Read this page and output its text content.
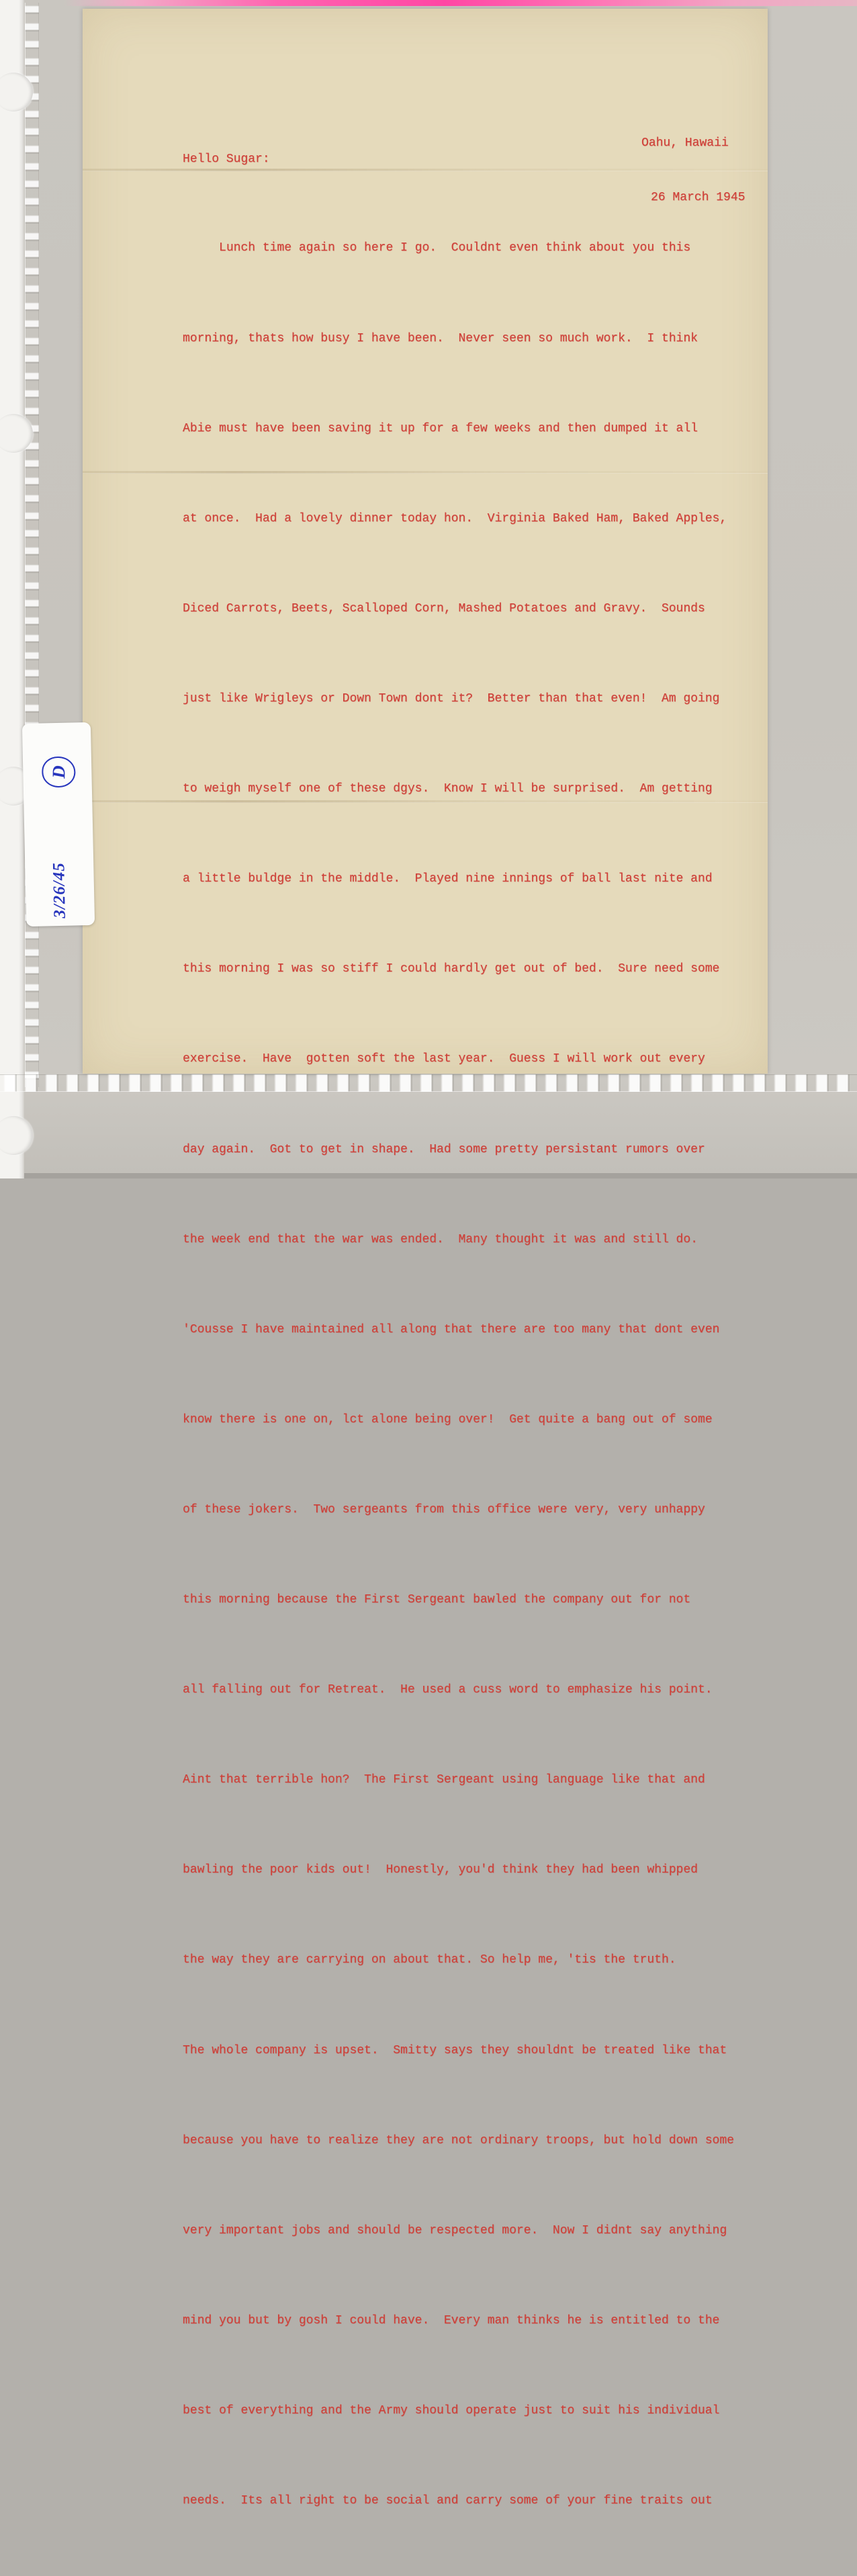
Oahu, Hawaii

26 March 1945

Hello Sugar:

Lunch time again so here I go.  Couldnt even think about you this

morning, thats how busy I have been.  Never seen so much work.  I think

Abie must have been saving it up for a few weeks and then dumped it all

at once.  Had a lovely dinner today hon.  Virginia Baked Ham, Baked Apples,

Diced Carrots, Beets, Scalloped Corn, Mashed Potatoes and Gravy.  Sounds

just like Wrigleys or Down Town dont it?  Better than that even!  Am going

to weigh myself one of these dgys.  Know I will be surprised.  Am getting

a little buldge in the middle.  Played nine innings of ball last nite and

this morning I was so stiff I could hardly get out of bed.  Sure need some

exercise.  Have  gotten soft the last year.  Guess I will work out every

day again.  Got to get in shape.  Had some pretty persistant rumors over

the week end that the war was ended.  Many thought it was and still do.

'Cousse I have maintained all along that there are too many that dont even

know there is one on, lct alone being over!  Get quite a bang out of some

of these jokers.  Two sergeants from this office were very, very unhappy

this morning because the First Sergeant bawled the company out for not

all falling out for Retreat.  He used a cuss word to emphasize his point.

Aint that terrible hon?  The First Sergeant using language like that and

bawling the poor kids out!  Honestly, you'd think they had been whipped

the way they are carrying on about that. So help me, 'tis the truth.

The whole company is upset.  Smitty says they shouldnt be treated like that

because you have to realize they are not ordinary troops, but hold down some

very important jobs and should be respected more.  Now I didnt say anything

mind you but by gosh I could have.  Every man thinks he is entitled to the

best of everything and the Army should operate just to suit his individual

needs.  Its all right to be social and carry some of your fine traits out

D
3/26/45
